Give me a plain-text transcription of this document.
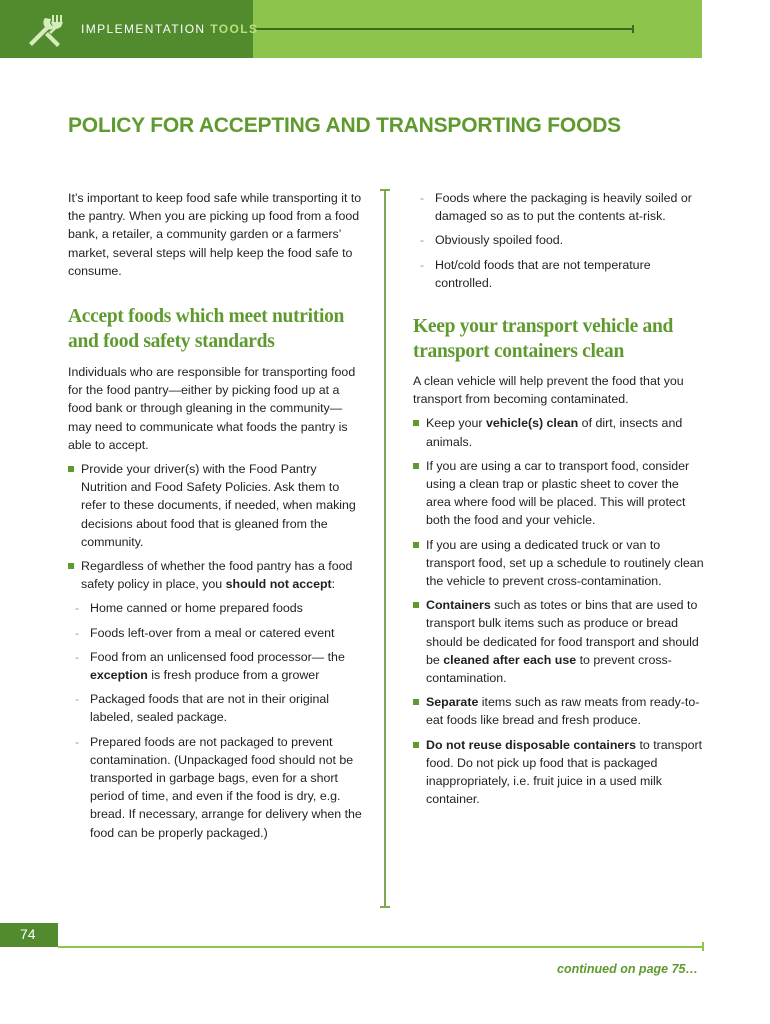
IMPLEMENTATION TOOLS
POLICY FOR ACCEPTING AND TRANSPORTING FOODS

It’s important to keep food safe while transporting it to the pantry. When you are picking up food from a food bank, a retailer, a community garden or a farmers’ market, several steps will help keep the food safe to consume.

Accept foods which meet nutrition
and food safety standards

Individuals who are responsible for transporting food for the food pantry—either by picking food up at a food bank or through gleaning in the community—may need to communicate what foods the pantry is able to accept.

Provide your driver(s) with the Food Pantry Nutrition and Food Safety Policies. Ask them to refer to these documents, if needed, when making decisions about food that is gleaned from the community.
Regardless of whether the food pantry has a food safety policy in place, you should not accept:
- Home canned or home prepared foods
- Foods left-over from a meal or catered event
- Food from an unlicensed food processor— the exception is fresh produce from a grower
- Packaged foods that are not in their original labeled, sealed package.
- Prepared foods are not packaged to prevent contamination. (Unpackaged food should not be transported in garbage bags, even for a short period of time, and even if the food is dry, e.g. bread. If necessary, arrange for delivery when the food can be properly packaged.)
- Foods where the packaging is heavily soiled or damaged so as to put the contents at-risk.
- Obviously spoiled food.
- Hot/cold foods that are not temperature controlled.
Keep your transport vehicle and
transport containers clean

A clean vehicle will help prevent the food that you transport from becoming contaminated.

Keep your vehicle(s) clean of dirt, insects and animals.
If you are using a car to transport food, consider using a clean trap or plastic sheet to cover the area where food will be placed. This will protect both the food and your vehicle.
If you are using a dedicated truck or van to transport food, set up a schedule to routinely clean the vehicle to prevent cross-contamination.
Containers such as totes or bins that are used to transport bulk items such as produce or bread should be dedicated for food transport and should be cleaned after each use to prevent cross-contamination.
Separate items such as raw meats from ready-to-eat foods like bread and fresh produce.
Do not reuse disposable containers to transport food. Do not pick up food that is packaged inappropriately, i.e. fruit juice in a used milk container.
74
continued on page 75…
